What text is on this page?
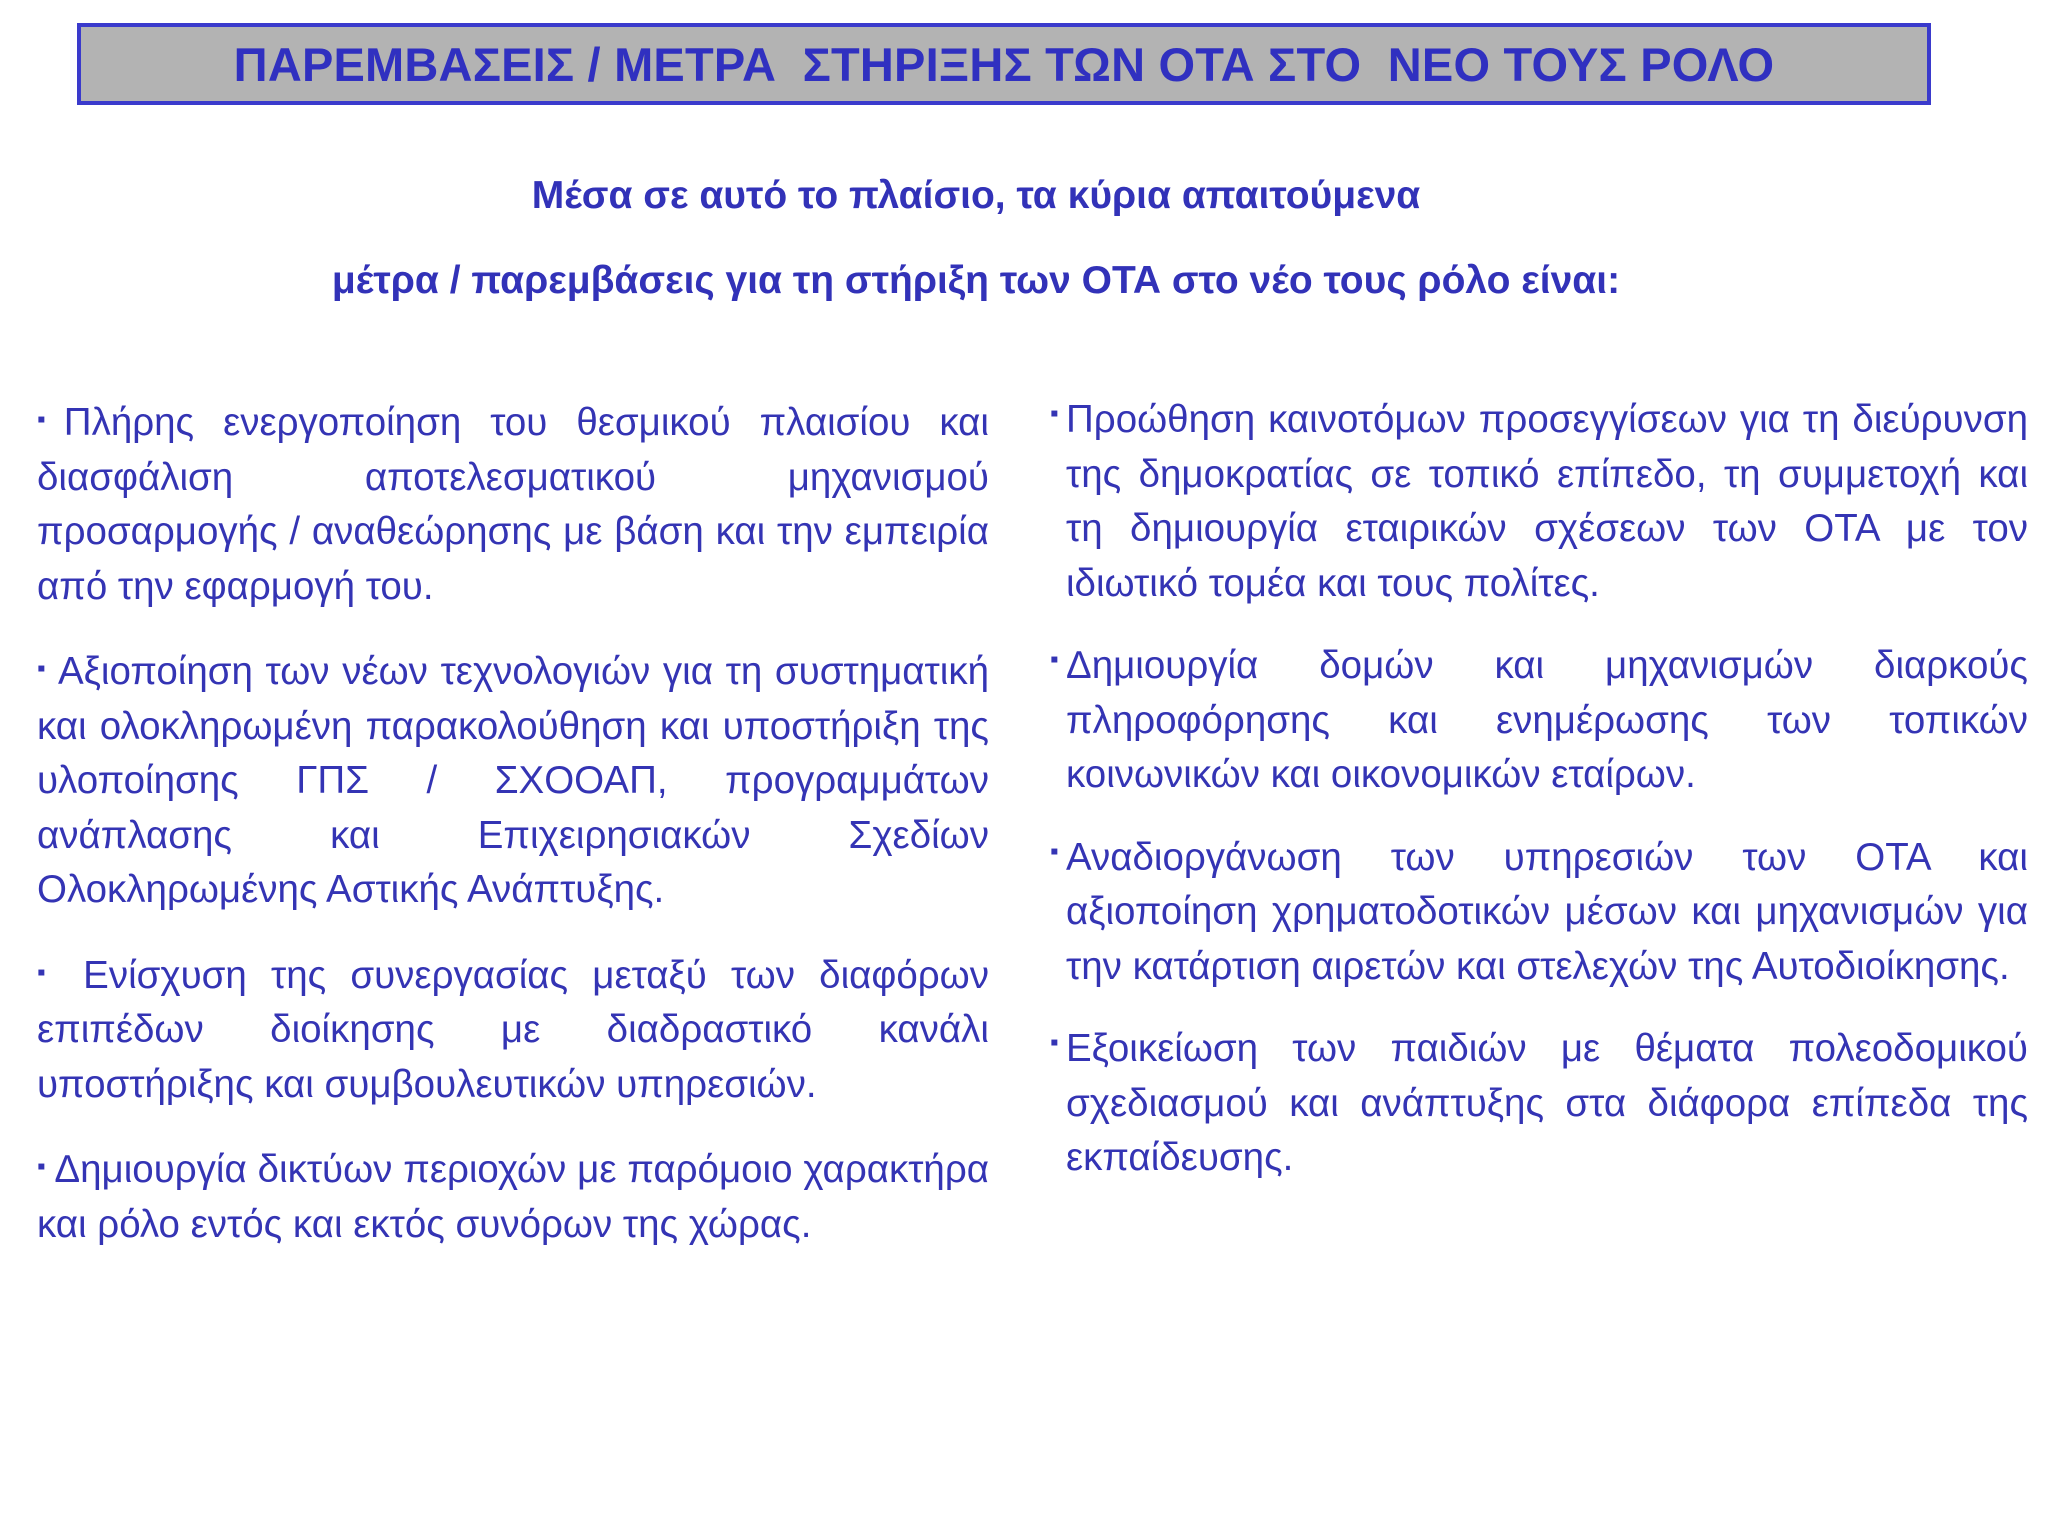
ΠΑΡΕΜΒΑΣΕΙΣ / ΜΕΤΡΑ  ΣΤΗΡΙΞΗΣ ΤΩΝ ΟΤΑ ΣΤΟ  ΝΕΟ ΤΟΥΣ ΡΟΛΟ
Μέσα σε αυτό το πλαίσιο, τα κύρια απαιτούμενα
μέτρα / παρεμβάσεις για τη στήριξη των ΟΤΑ στο νέο τους ρόλο είναι:

▪Πλήρης ενεργοποίηση του θεσμικού πλαισίου και διασφάλιση αποτελεσματικού μηχανισμού προσαρμογής / αναθεώρησης με βάση και την εμπειρία από την εφαρμογή του.

▪ Αξιοποίηση των νέων τεχνολογιών για τη συστηματική και ολοκληρωμένη παρακολούθηση και υποστήριξη της υλοποίησης ΓΠΣ / ΣΧΟΟΑΠ, προγραμμάτων ανάπλασης και Επιχειρησιακών Σχεδίων Ολοκληρωμένης Αστικής Ανάπτυξης.

▪ Ενίσχυση της συνεργασίας μεταξύ των διαφόρων επιπέδων διοίκησης με διαδραστικό κανάλι υποστήριξης και συμβουλευτικών υπηρεσιών.

▪ Δημιουργία δικτύων περιοχών με παρόμοιο χαρακτήρα και ρόλο εντός και εκτός συνόρων της χώρας.

▪ Προώθηση καινοτόμων προσεγγίσεων για τη διεύρυνση της δημοκρατίας σε τοπικό επίπεδο, τη συμμετοχή και τη δημιουργία εταιρικών σχέσεων των ΟΤΑ με τον ιδιωτικό τομέα και τους πολίτες.

▪ Δημιουργία δομών και μηχανισμών διαρκούς πληροφόρησης και ενημέρωσης των τοπικών κοινωνικών και οικονομικών εταίρων.

▪ Αναδιοργάνωση των υπηρεσιών των ΟΤΑ και αξιοποίηση χρηματοδοτικών μέσων και μηχανισμών για την κατάρτιση αιρετών και στελεχών της Αυτοδιοίκησης.

▪ Εξοικείωση των παιδιών με θέματα πολεοδομικού σχεδιασμού και ανάπτυξης στα διάφορα επίπεδα της εκπαίδευσης.
